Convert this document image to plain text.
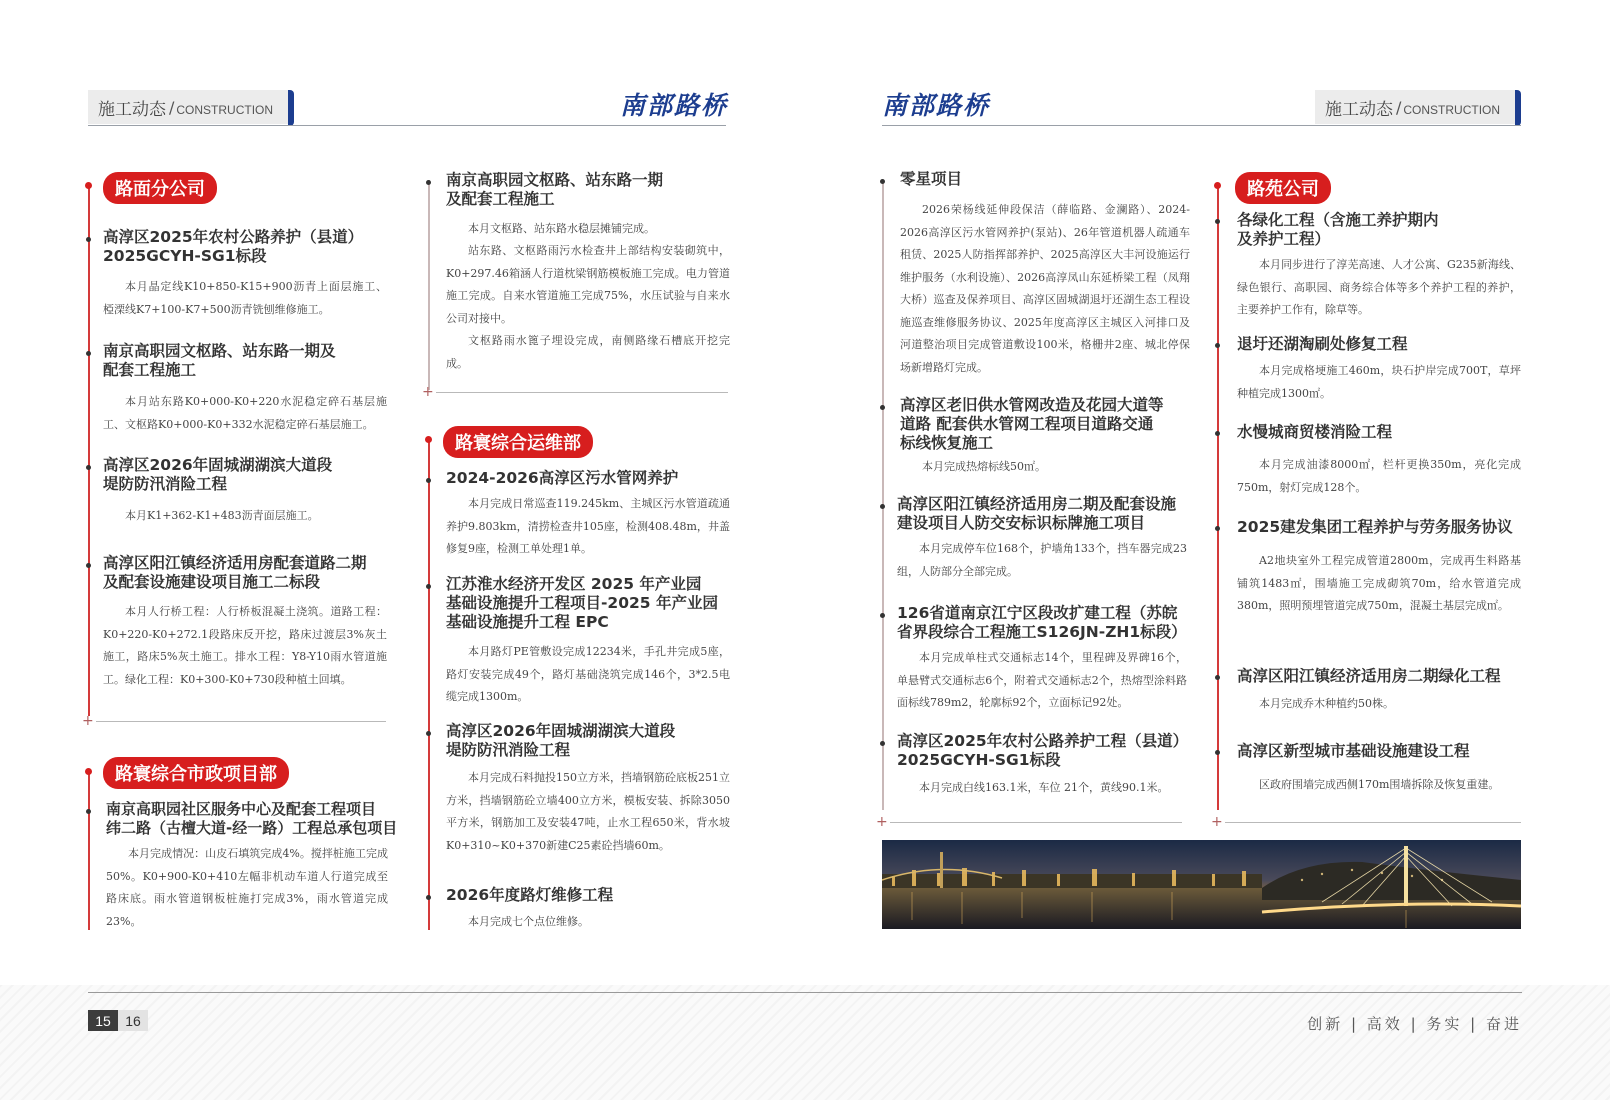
施工动态 / CONSTRUCTION	南部路桥	南部路桥	施工动态 / CONSTRUCTION
路面分公司
高淳区2025年农村公路养护（县道）
2025GCYH-SG1标段
本月晶定线K10+850-K15+900沥青上面层施工、椏溧线K7+100-K7+500沥青铣刨维修施工。
南京高职园文枢路、站东路一期及
配套工程施工
本月站东路K0+000-K0+220水泥稳定碎石基层施工、文枢路K0+000-K0+332水泥稳定碎石基层施工。
高淳区2026年固城湖湖滨大道段
堤防防汛消险工程
本月K1+362-K1+483沥青面层施工。
高淳区阳江镇经济适用房配套道路二期
及配套设施建设项目施工二标段
本月人行桥工程：人行桥板混凝土浇筑。道路工程：K0+220-K0+272.1段路床反开挖，路床过渡层3%灰土施工，路床5%灰土施工。排水工程：Y8-Y10雨水管道施工。绿化工程：K0+300-K0+730段种植土回填。
+
路寰综合市政项目部
南京高职园社区服务中心及配套工程项目
纬二路（古檀大道-经一路）工程总承包项目
本月完成情况：山皮石填筑完成4%。搅拌桩施工完成50%。K0+900-K0+410左幅非机动车道人行道完成至路床底。雨水管道钢板桩施打完成3%，雨水管道完成23%。
南京高职园文枢路、站东路一期
及配套工程施工
本月文枢路、站东路水稳层摊铺完成。
站东路、文枢路雨污水检查井上部结构安装砌筑中，K0+297.46箱涵人行道枕梁钢筋模板施工完成。电力管道施工完成。自来水管道施工完成75%，水压试验与自来水公司对接中。
文枢路雨水篦子埋设完成，南侧路缘石槽底开挖完成。
+
路寰综合运维部
2024-2026高淳区污水管网养护
本月完成日常巡查119.245km、主城区污水管道疏通养护9.803km，清捞检查井105座，检测408.48m，井盖修复9座，检测工单处理1单。
江苏淮水经济开发区 2025 年产业园
基础设施提升工程项目-2025 年产业园
基础设施提升工程 EPC
本月路灯PE管敷设完成12234米，手孔井完成5座，路灯安装完成49个，路灯基础浇筑完成146个，3*2.5电缆完成1300m。
高淳区2026年固城湖湖滨大道段
堤防防汛消险工程
本月完成石料抛投150立方米，挡墙钢筋砼底板251立方米，挡墙钢筋砼立墙400立方米，模板安装、拆除3050平方米，钢筋加工及安装47吨，止水工程650米，背水坡K0+310~K0+370新建C25素砼挡墙60m。
2026年度路灯维修工程
本月完成七个点位维修。
零星项目
2026荣杨线延伸段保洁（薛临路、金澜路）、2024-2026高淳区污水管网养护(泵站)、26年管道机器人疏通车租赁、2025人防指挥部养护、2025高淳区大丰河设施运行维护服务（水利设施）、2026高淳凤山东延桥梁工程（凤翔大桥）巡查及保养项目、高淳区固城湖退圩还湖生态工程设施巡查维修服务协议、2025年度高淳区主城区入河排口及河道整治项目完成管道敷设100米，格栅井2座、城北停保场新增路灯完成。
高淳区老旧供水管网改造及花园大道等
道路 配套供水管网工程项目道路交通
标线恢复施工
本月完成热熔标线50㎡。
高淳区阳江镇经济适用房二期及配套设施
建设项目人防交安标识标牌施工项目
本月完成停车位168个，护墙角133个，挡车器完成23组，人防部分全部完成。
126省道南京江宁区段改扩建工程（苏皖
省界段综合工程施工S126JN-ZH1标段）
本月完成单柱式交通标志14个，里程碑及界碑16个，单悬臂式交通标志6个，附着式交通标志2个，热熔型涂料路面标线789m2，轮廓标92个，立面标记92处。
高淳区2025年农村公路养护工程（县道）
2025GCYH-SG1标段
本月完成白线163.1米，车位 21个，黄线90.1米。
+
路苑公司
各绿化工程（含施工养护期内
及养护工程）
本月同步进行了淳芜高速、人才公寓、G235新海线、绿色银行、高职园、商务综合体等多个养护工程的养护，主要养护工作有，除草等。
退圩还湖淘刷处修复工程
本月完成格埂施工460m，块石护岸完成700T，草坪种植完成1300㎡。
水慢城商贸楼消险工程
本月完成油漆8000㎡，栏杆更换350m，亮化完成750m，射灯完成128个。
2025建发集团工程养护与劳务服务协议
A2地块室外工程完成管道2800m，完成再生料路基铺筑1483㎡，围墙施工完成砌筑70m，给水管道完成380m，照明预埋管道完成750m，混凝土基层完成㎡。
高淳区阳江镇经济适用房二期绿化工程
本月完成乔木种植约50株。
高淳区新型城市基础设施建设工程
区政府围墙完成西侧170m围墙拆除及恢复重建。
+
15	16	创新 | 高效 | 务实 | 奋进
